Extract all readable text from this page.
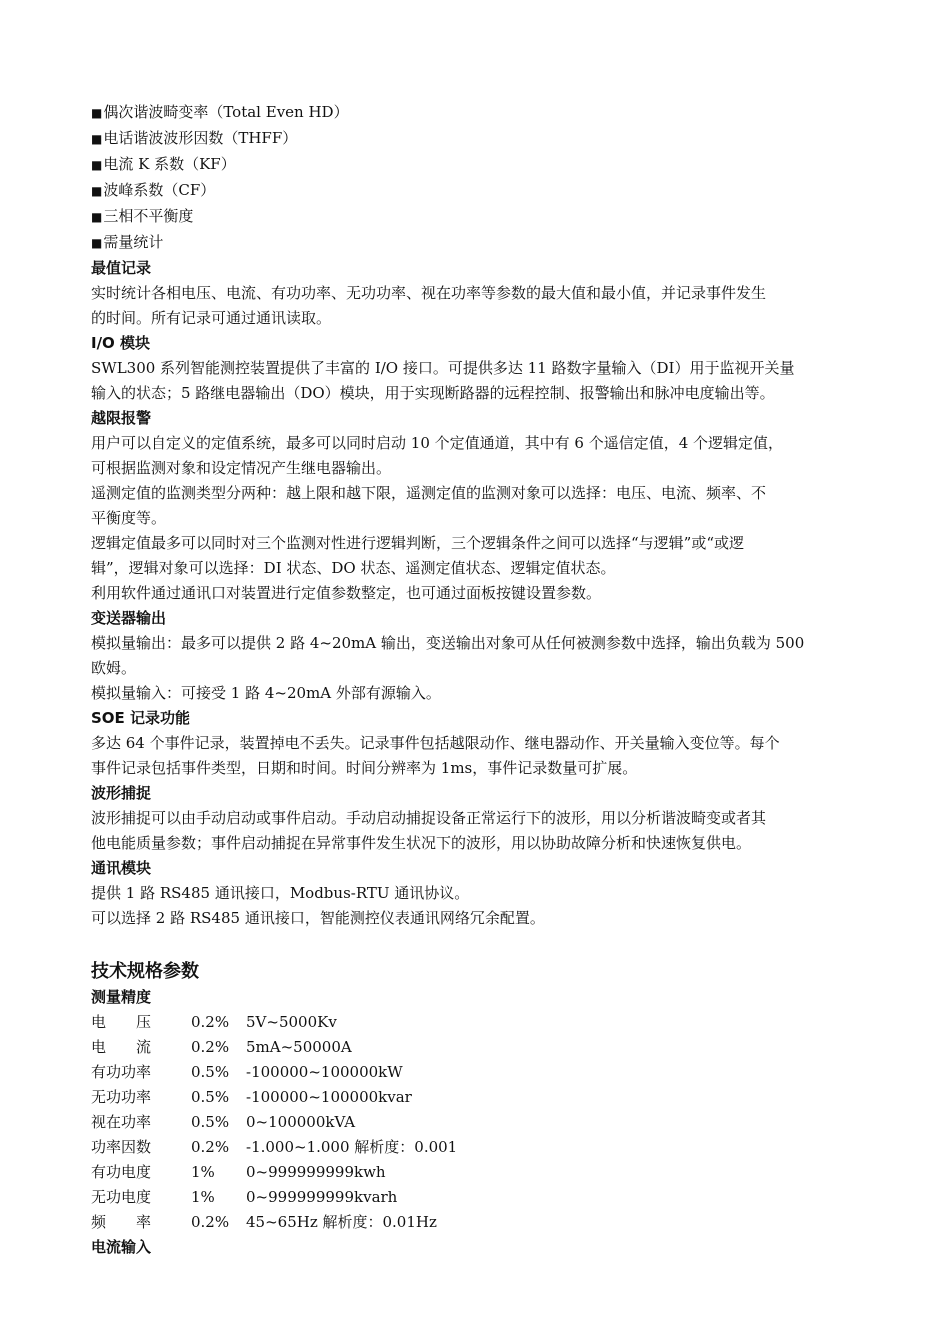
■偶次谐波畸变率（Total Even HD）
■电话谐波波形因数（THFF）
■电流 K 系数（KF）
■波峰系数（CF）
■三相不平衡度
■需量统计
最值记录
实时统计各相电压、电流、有功功率、无功功率、视在功率等参数的最大值和最小值，并记录事件发生
的时间。所有记录可通过通讯读取。
I/O 模块
SWL300 系列智能测控装置提供了丰富的 I/O 接口。可提供多达 11 路数字量输入（DI）用于监视开关量
输入的状态；5 路继电器输出（DO）模块，用于实现断路器的远程控制、报警输出和脉冲电度输出等。
越限报警
用户可以自定义的定值系统，最多可以同时启动 10 个定值通道，其中有 6 个遥信定值，4 个逻辑定值，
可根据监测对象和设定情况产生继电器输出。
遥测定值的监测类型分两种：越上限和越下限，遥测定值的监测对象可以选择：电压、电流、频率、不
平衡度等。
逻辑定值最多可以同时对三个监测对性进行逻辑判断，三个逻辑条件之间可以选择“与逻辑”或“或逻
辑”，逻辑对象可以选择：DI 状态、DO 状态、遥测定值状态、逻辑定值状态。
利用软件通过通讯口对装置进行定值参数整定，也可通过面板按键设置参数。
变送器输出
模拟量输出：最多可以提供 2 路 4~20mA 输出，变送输出对象可从任何被测参数中选择，输出负载为 500
欧姆。
模拟量输入：可接受 1 路 4~20mA 外部有源输入。
SOE 记录功能
多达 64 个事件记录，装置掉电不丢失。记录事件包括越限动作、继电器动作、开关量输入变位等。每个
事件记录包括事件类型，日期和时间。时间分辨率为 1ms，事件记录数量可扩展。
波形捕捉
波形捕捉可以由手动启动或事件启动。手动启动捕捉设备正常运行下的波形，用以分析谐波畸变或者其
他电能质量参数；事件启动捕捉在异常事件发生状况下的波形，用以协助故障分析和快速恢复供电。
通讯模块
提供 1 路 RS485 通讯接口，Modbus-RTU 通讯协议。
可以选择 2 路 RS485 通讯接口，智能测控仪表通讯网络冗余配置。
技术规格参数
测量精度
电　　压	0.2%	5V~5000Kv
电　　流	0.2%	5mA~50000A
有功功率	0.5%	-100000~100000kW
无功功率	0.5%	-100000~100000kvar
视在功率	0.5%	0~100000kVA
功率因数	0.2%	-1.000~1.000 解析度：0.001
有功电度	1%	0~999999999kwh
无功电度	1%	0~999999999kvarh
频　　率	0.2%	45~65Hz 解析度：0.01Hz
电流输入
